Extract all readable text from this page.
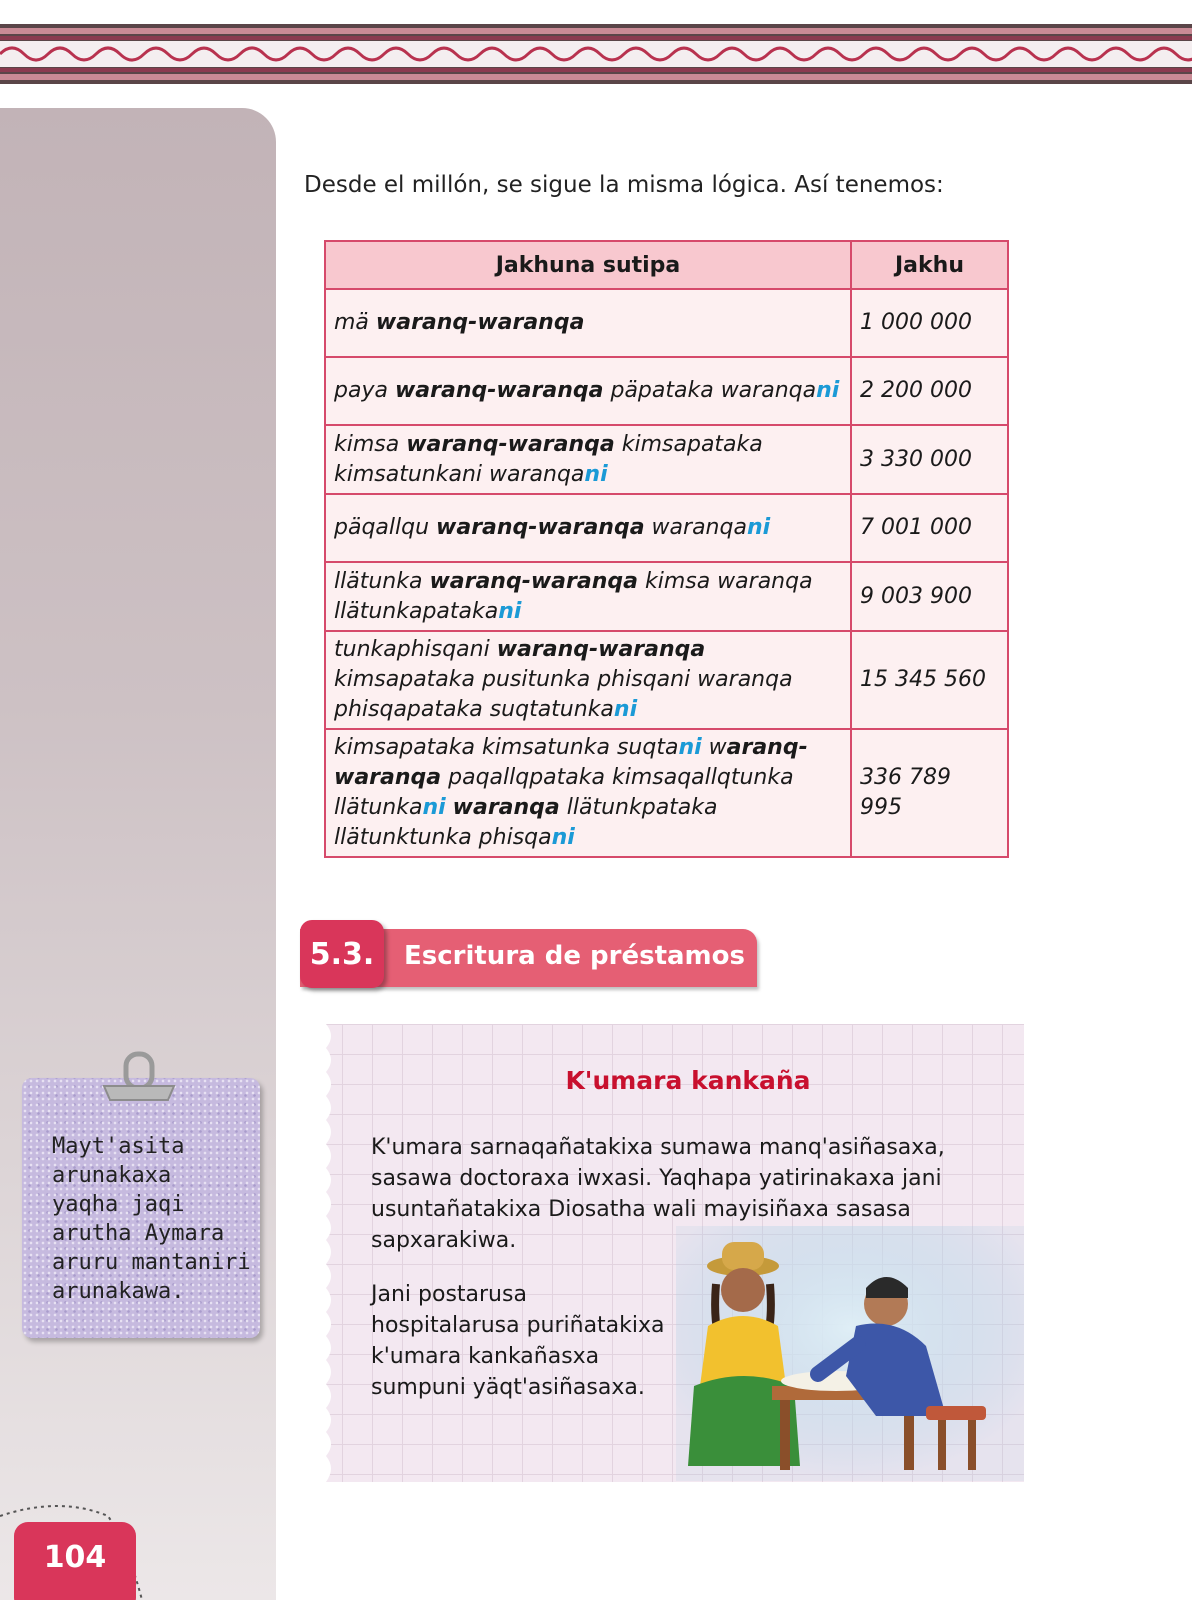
Desde el millón, se sigue la misma lógica. Así tenemos:

Jakhuna sutipa	Jakhu
mä waranq-waranqa	1 000 000
paya waranq-waranqa päpataka waranqani	2 200 000
kimsa waranq-waranqa kimsapataka kimsatunkani waranqani	3 330 000
päqallqu waranq-waranqa waranqani	7 001 000
llätunka waranq-waranqa kimsa waranqa llätunkapatakani	9 003 900
tunkaphisqani waranq-waranqa kimsapataka pusitunka phisqani waranqa phisqapataka suqtatunkani	15 345 560
kimsapataka kimsatunka suqtani waranq-waranqa paqallqpataka kimsaqallqtunka llätunkani waranqa llätunkpataka llätunktunka phisqani	336 789 995
5.3.	Escritura de préstamos
K'umara kankaña

K'umara sarnaqañatakixa sumawa manq'asiñasaxa, sasawa doctoraxa iwxasi. Yaqhapa yatirinakaxa jani usuntañatakixa Diosatha wali mayisiñaxa sasasa sapxarakiwa.

Jani postarusa hospitalarusa puriñatakixa k'umara kankañasxa sumpuni yäqt'asiñasaxa.

Mayt'asita
arunakaxa
yaqha jaqi
arutha Aymara
aruru mantaniri
arunakawa.
104
